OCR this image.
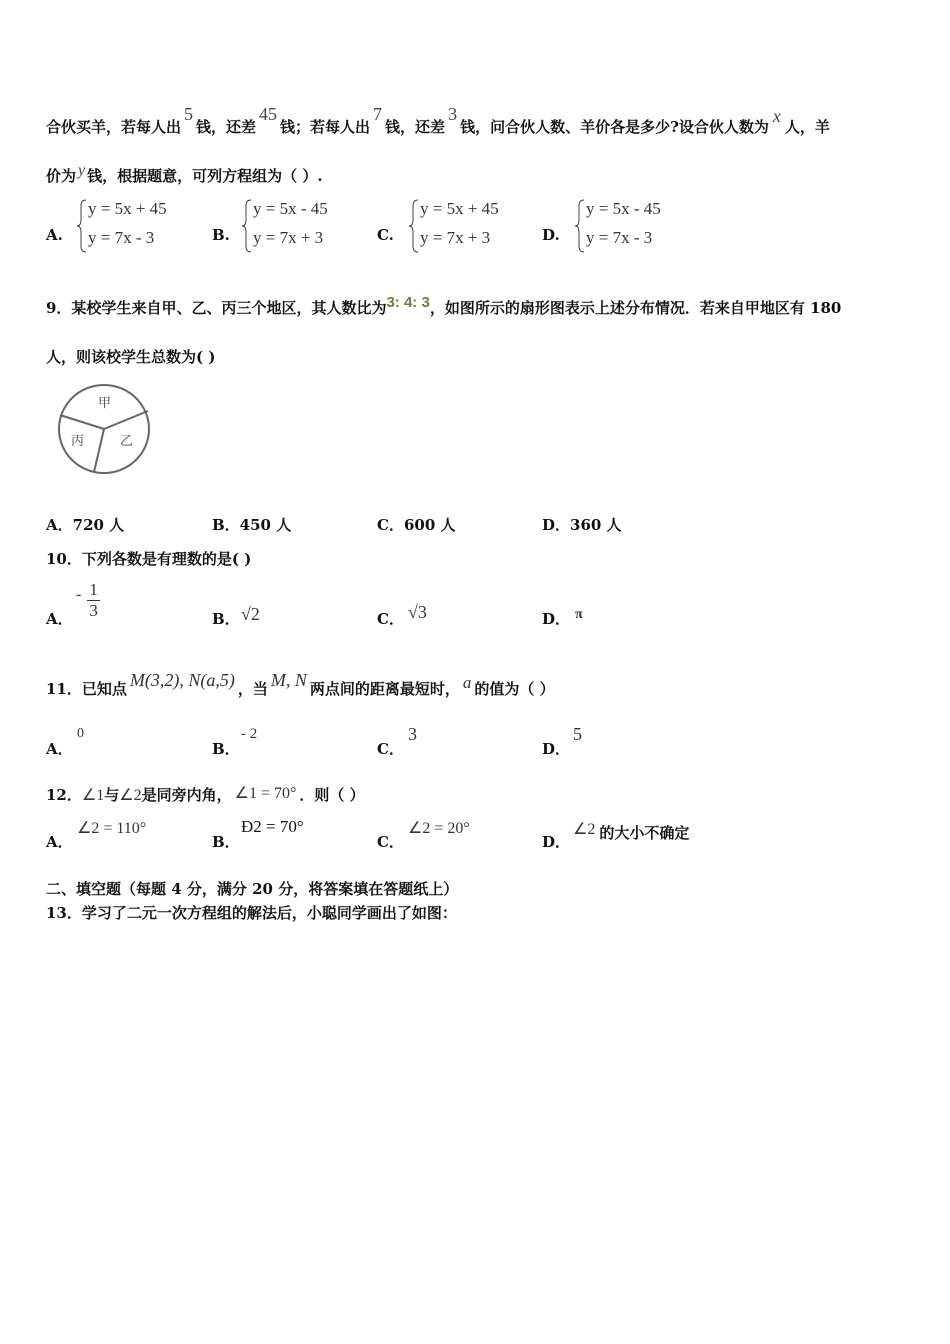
合伙买羊，若每人出5钱，还差45钱；若每人出7钱，还差3钱，问合伙人数、羊价各是多少?设合伙人数为x人，羊
价为 y 钱，根据题意，可列方程组为（ ）.
A.
y = 5x + 45
y = 7x - 3	B.
y = 5x - 45
y = 7x + 3	C.
y = 5x + 45
y = 7x + 3	D.
y = 5x - 45
y = 7x - 3
9．某校学生来自甲、乙、丙三个地区，其人数比为3: 4: 3，如图所示的扇形图表示上述分布情况．若来自甲地区有 180
人，则该校学生总数为( )
甲
丙	乙
A．720 人	B．450 人	C．600 人	D．360 人
10．下列各数是有理数的是( )
A．
- $\frac{1}{3}$	B． √2	C． √3	D． π
11．已知点 M(3,2), N(a,5) ，当 M, N 两点间的距离最短时， a 的值为（ ）
A．
0
B．
- 2
C．
3
D．
5
12．∠1与∠2是同旁内角， ∠1 = 70° ．则（ ）
A．
∠2 = 110°
B．
Ð2 = 70°
C．
∠2 = 20°
D．
∠2 的大小不确定
二、填空题（每题 4 分，满分 20 分，将答案填在答题纸上）
13．学习了二元一次方程组的解法后，小聪同学画出了如图：
